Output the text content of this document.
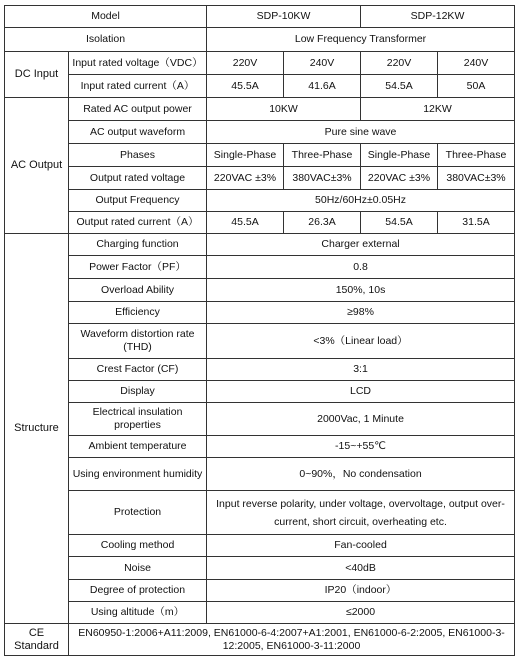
Model		SDP-10KW		SDP-12KW	
Isolation		Low Frequency Transformer			
DC Input	Input rated voltage（VDC）	220V	240V	220V	240V
	Input rated current（A）	45.5A	41.6A	54.5A	50A
AC Output	Rated AC output power	10KW		12KW	
	AC output waveform	Pure sine wave			
	Phases	Single-Phase	Three-Phase	Single-Phase	Three-Phase
	Output rated voltage	220VAC ±3%	380VAC±3%	220VAC ±3%	380VAC±3%
	Output Frequency	50Hz/60Hz±0.05Hz			
	Output rated current（A）	45.5A	26.3A	54.5A	31.5A
Structure	Charging function	Charger external			
	Power Factor（PF）	0.8			
	Overload Ability	150%, 10s			
	Efficiency	≥98%			
	Waveform distortion rate (THD)	<3%（Linear load）			
	Crest Factor (CF)	3:1			
	Display	LCD			
	Electrical insulation properties	2000Vac, 1 Minute			
	Ambient temperature	-15~+55℃			
	Using environment humidity	0~90%，No condensation			
	Protection	Input reverse polarity, under voltage, overvoltage, output over-current, short circuit, overheating etc.			
	Cooling method	Fan-cooled			
	Noise	<40dB			
	Degree of protection	IP20（indoor）			
	Using altitude（m）	≤2000			
CE Standard	EN60950-1:2006+A11:2009, EN61000-6-4:2007+A1:2001, EN61000-6-2:2005, EN61000-3-12:2005, EN61000-3-11:2000				
